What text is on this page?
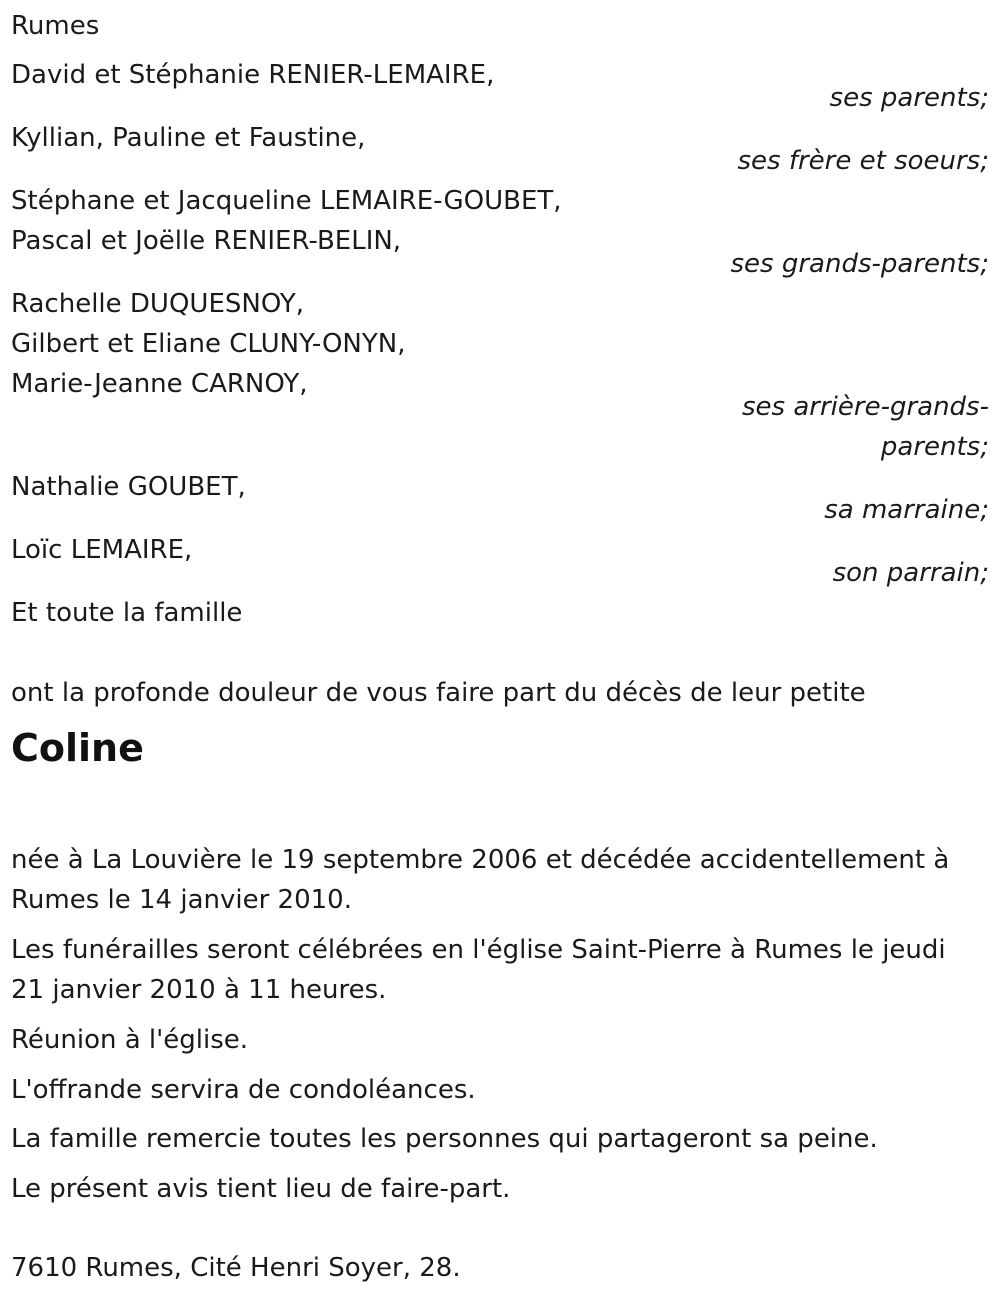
Rumes
David et Stéphanie RENIER-LEMAIRE,
ses parents;
Kyllian, Pauline et Faustine,
ses frère et soeurs;
Stéphane et Jacqueline LEMAIRE-GOUBET,
Pascal et Joëlle RENIER-BELIN,
ses grands-parents;
Rachelle DUQUESNOY,
Gilbert et Eliane CLUNY-ONYN,
Marie-Jeanne CARNOY,
ses arrière-grands-
parents;
Nathalie GOUBET,
sa marraine;
Loïc LEMAIRE,
son parrain;
Et toute la famille
ont la profonde douleur de vous faire part du décès de leur petite
Coline
née à La Louvière le 19 septembre 2006 et décédée accidentellement à Rumes le 14 janvier 2010.
Les funérailles seront célébrées en l'église Saint-Pierre à Rumes le jeudi 21 janvier 2010 à 11 heures.
Réunion à l'église.
L'offrande servira de condoléances.
La famille remercie toutes les personnes qui partageront sa peine.
Le présent avis tient lieu de faire-part.
7610 Rumes, Cité Henri Soyer, 28.
